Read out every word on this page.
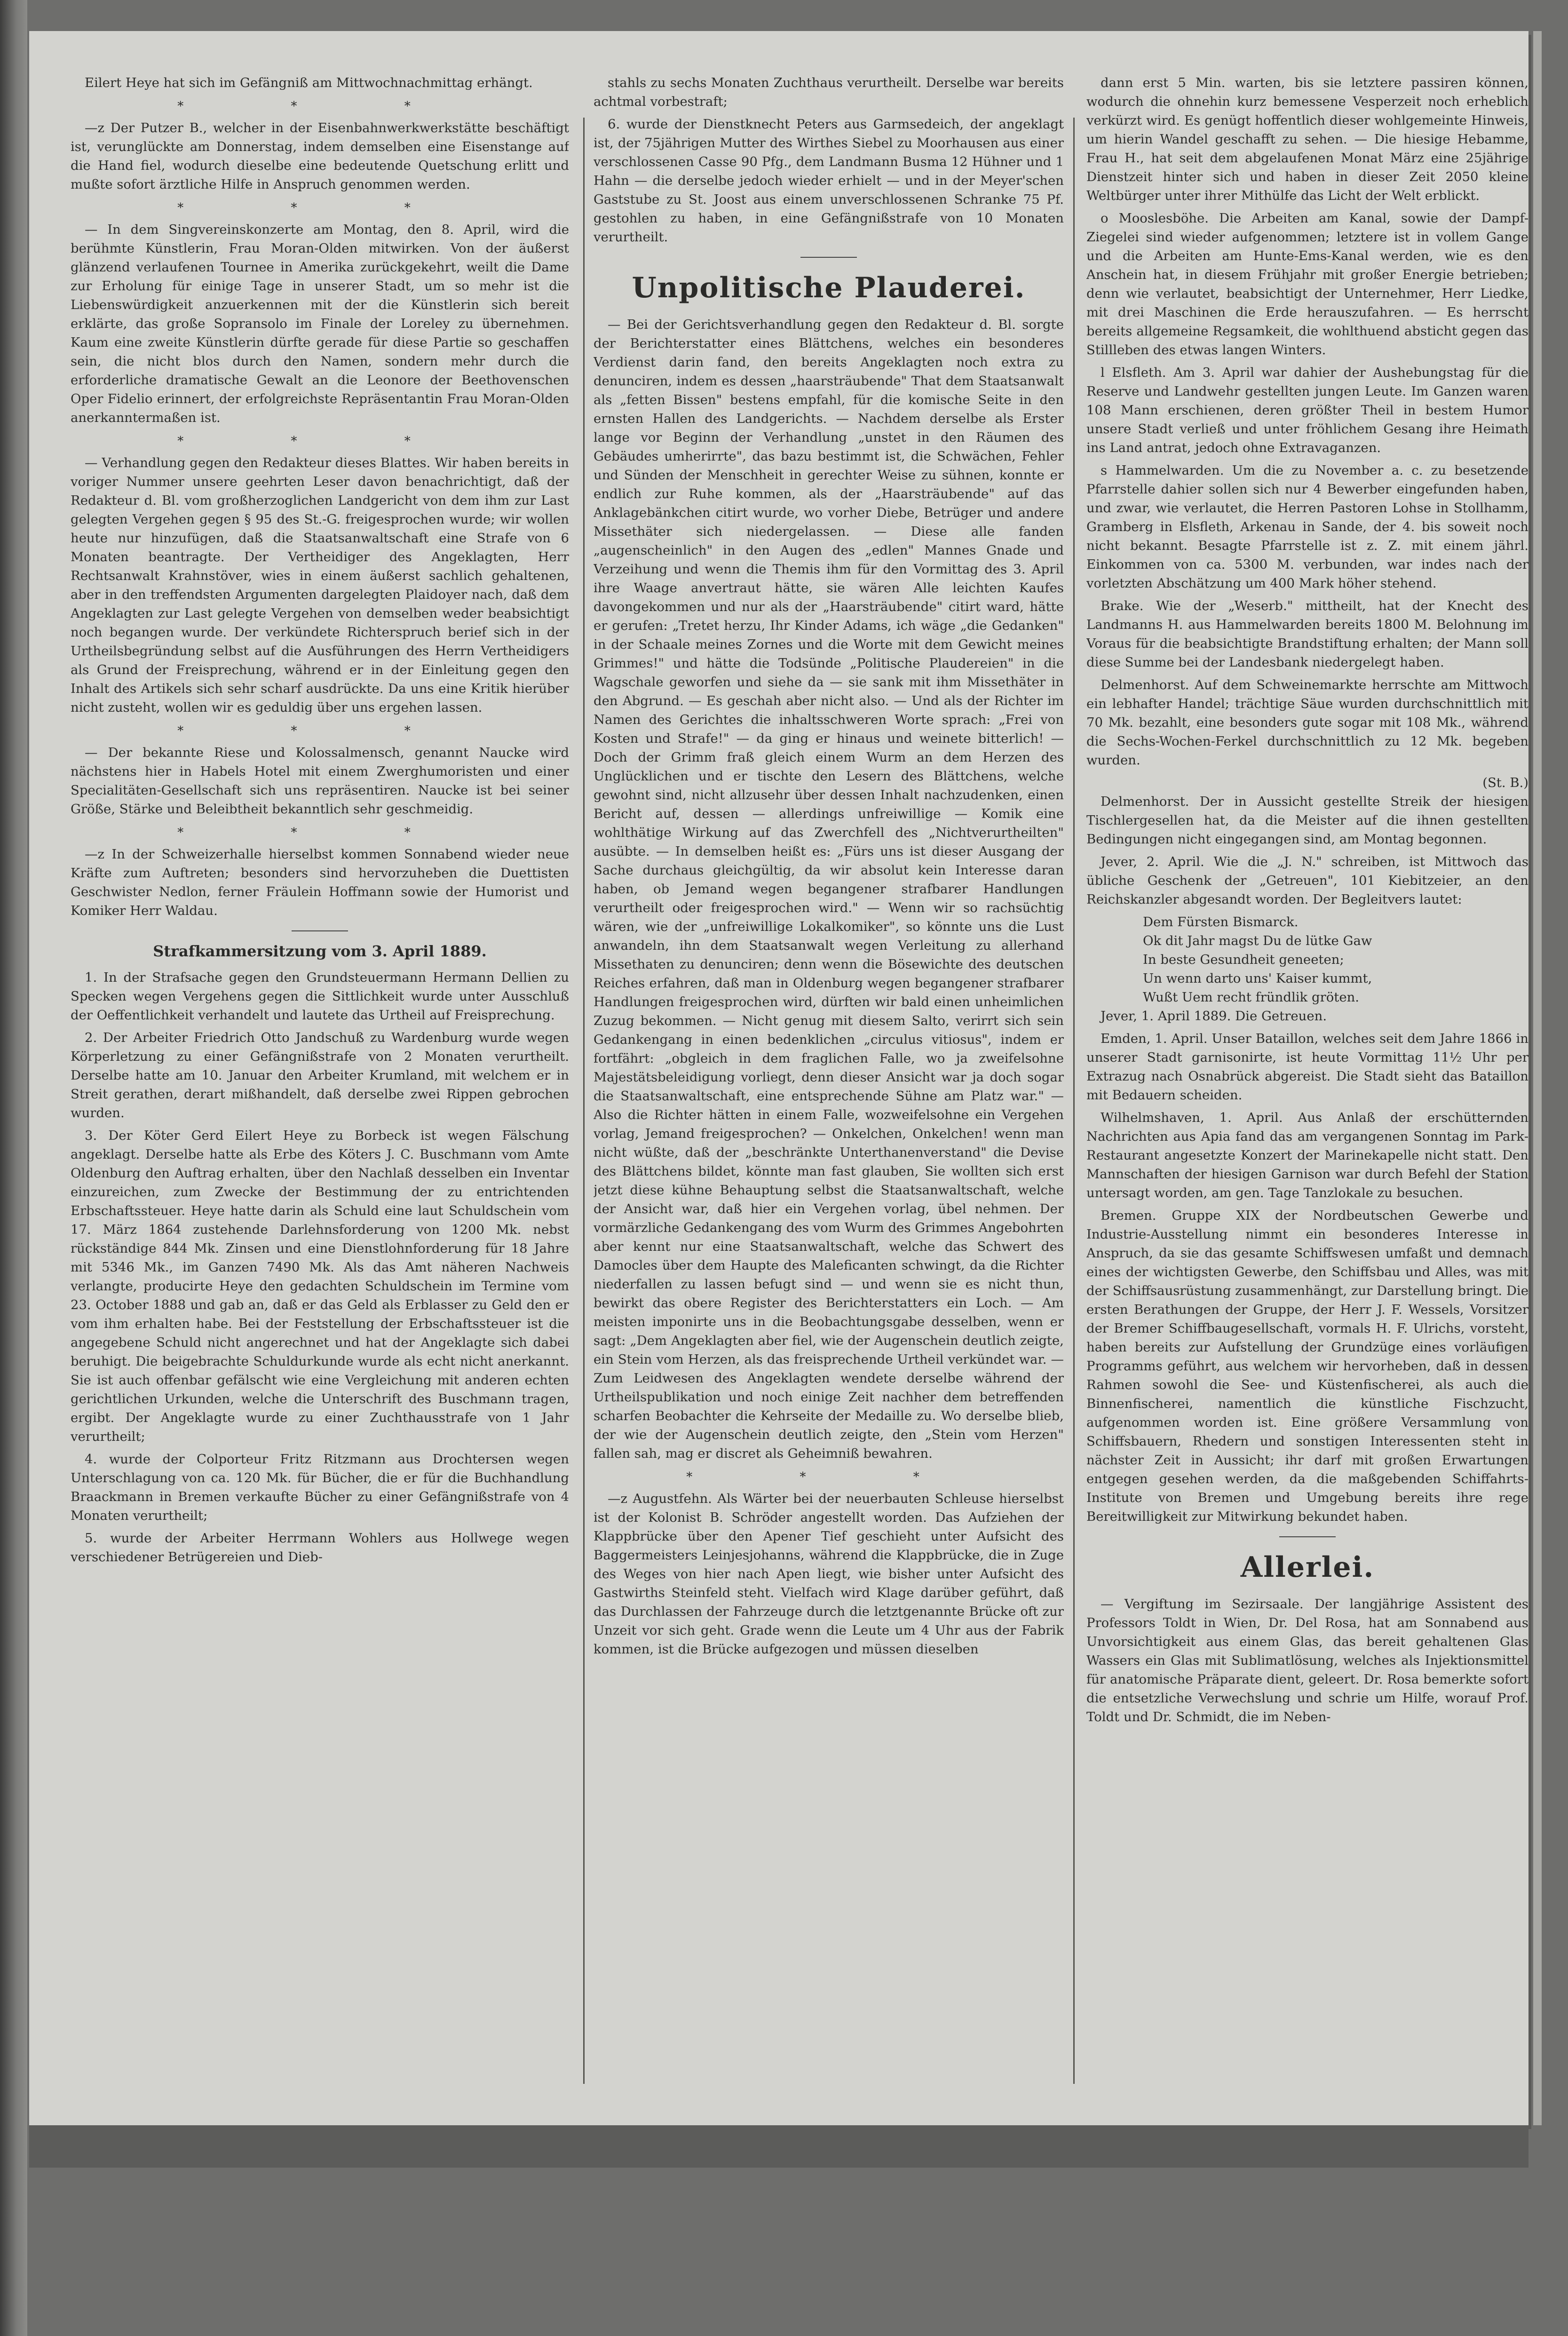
Eilert Heye hat sich im Gefängniß am Mittwochnachmittag erhängt.

* * *

—z Der Putzer B., welcher in der Eisenbahnwerkwerkstätte beschäftigt ist, verunglückte am Donnerstag, indem demselben eine Eisenstange auf die Hand fiel, wodurch dieselbe eine bedeutende Quetschung erlitt und mußte sofort ärztliche Hilfe in Anspruch genommen werden.

* * *

— In dem Singvereinskonzerte am Montag, den 8. April, wird die berühmte Künstlerin, Frau Moran-Olden mitwirken. Von der äußerst glänzend verlaufenen Tournee in Amerika zurückgekehrt, weilt die Dame zur Erholung für einige Tage in unserer Stadt, um so mehr ist die Liebenswürdigkeit anzuerkennen mit der die Künstlerin sich bereit erklärte, das große Sopransolo im Finale der Loreley zu übernehmen. Kaum eine zweite Künstlerin dürfte gerade für diese Partie so geschaffen sein, die nicht blos durch den Namen, sondern mehr durch die erforderliche dramatische Gewalt an die Leonore der Beethovenschen Oper Fidelio erinnert, der erfolgreichste Repräsentantin Frau Moran-Olden anerkanntermaßen ist.

* * *

— Verhandlung gegen den Redakteur dieses Blattes. Wir haben bereits in voriger Nummer unsere geehrten Leser davon benachrichtigt, daß der Redakteur d. Bl. vom großherzoglichen Landgericht von dem ihm zur Last gelegten Vergehen gegen § 95 des St.-G. freigesprochen wurde; wir wollen heute nur hinzufügen, daß die Staatsanwaltschaft eine Strafe von 6 Monaten beantragte. Der Vertheidiger des Angeklagten, Herr Rechtsanwalt Krahnstöver, wies in einem äußerst sachlich gehaltenen, aber in den treffendsten Argumenten dargelegten Plaidoyer nach, daß dem Angeklagten zur Last gelegte Vergehen von demselben weder beabsichtigt noch begangen wurde. Der verkündete Richterspruch berief sich in der Urtheilsbegründung selbst auf die Ausführungen des Herrn Vertheidigers als Grund der Freisprechung, während er in der Einleitung gegen den Inhalt des Artikels sich sehr scharf ausdrückte. Da uns eine Kritik hierüber nicht zusteht, wollen wir es geduldig über uns ergehen lassen.

* * *

— Der bekannte Riese und Kolossalmensch, genannt Naucke wird nächstens hier in Habels Hotel mit einem Zwerghumoristen und einer Specialitäten-Gesellschaft sich uns repräsentiren. Naucke ist bei seiner Größe, Stärke und Beleibtheit bekanntlich sehr geschmeidig.

* * *

—z In der Schweizerhalle hierselbst kommen Sonnabend wieder neue Kräfte zum Auftreten; besonders sind hervorzuheben die Duettisten Geschwister Nedlon, ferner Fräulein Hoffmann sowie der Humorist und Komiker Herr Waldau.

Strafkammersitzung vom 3. April 1889.

1. In der Strafsache gegen den Grundsteuermann Hermann Dellien zu Specken wegen Vergehens gegen die Sittlichkeit wurde unter Ausschluß der Oeffentlichkeit verhandelt und lautete das Urtheil auf Freisprechung.

2. Der Arbeiter Friedrich Otto Jandschuß zu Wardenburg wurde wegen Körperletzung zu einer Gefängnißstrafe von 2 Monaten verurtheilt. Derselbe hatte am 10. Januar den Arbeiter Krumland, mit welchem er in Streit gerathen, derart mißhandelt, daß derselbe zwei Rippen gebrochen wurden.

3. Der Köter Gerd Eilert Heye zu Borbeck ist wegen Fälschung angeklagt. Derselbe hatte als Erbe des Köters J. C. Buschmann vom Amte Oldenburg den Auftrag erhalten, über den Nachlaß desselben ein Inventar einzureichen, zum Zwecke der Bestimmung der zu entrichtenden Erbschaftssteuer. Heye hatte darin als Schuld eine laut Schuldschein vom 17. März 1864 zustehende Darlehnsforderung von 1200 Mk. nebst rückständige 844 Mk. Zinsen und eine Dienstlohnforderung für 18 Jahre mit 5346 Mk., im Ganzen 7490 Mk. Als das Amt näheren Nachweis verlangte, producirte Heye den gedachten Schuldschein im Termine vom 23. October 1888 und gab an, daß er das Geld als Erblasser zu Geld den er vom ihm erhalten habe. Bei der Feststellung der Erbschaftssteuer ist die angegebene Schuld nicht angerechnet und hat der Angeklagte sich dabei beruhigt. Die beigebrachte Schuldurkunde wurde als echt nicht anerkannt. Sie ist auch offenbar gefälscht wie eine Vergleichung mit anderen echten gerichtlichen Urkunden, welche die Unterschrift des Buschmann tragen, ergibt. Der Angeklagte wurde zu einer Zuchthausstrafe von 1 Jahr verurtheilt;

4. wurde der Colporteur Fritz Ritzmann aus Drochtersen wegen Unterschlagung von ca. 120 Mk. für Bücher, die er für die Buchhandlung Braackmann in Bremen verkaufte Bücher zu einer Gefängnißstrafe von 4 Monaten verurtheilt;

5. wurde der Arbeiter Herrmann Wohlers aus Hollwege wegen verschiedener Betrügereien und Dieb-

stahls zu sechs Monaten Zuchthaus verurtheilt. Derselbe war bereits achtmal vorbestraft;

6. wurde der Dienstknecht Peters aus Garmsedeich, der angeklagt ist, der 75jährigen Mutter des Wirthes Siebel zu Moorhausen aus einer verschlossenen Casse 90 Pfg., dem Landmann Busma 12 Hühner und 1 Hahn — die derselbe jedoch wieder erhielt — und in der Meyer'schen Gaststube zu St. Joost aus einem unverschlossenen Schranke 75 Pf. gestohlen zu haben, in eine Gefängnißstrafe von 10 Monaten verurtheilt.

Unpolitische Plauderei.

— Bei der Gerichtsverhandlung gegen den Redakteur d. Bl. sorgte der Berichterstatter eines Blättchens, welches ein besonderes Verdienst darin fand, den bereits Angeklagten noch extra zu denunciren, indem es dessen „haarsträubende" That dem Staatsanwalt als „fetten Bissen" bestens empfahl, für die komische Seite in den ernsten Hallen des Landgerichts. — Nachdem derselbe als Erster lange vor Beginn der Verhandlung „unstet in den Räumen des Gebäudes umherirrte", das bazu bestimmt ist, die Schwächen, Fehler und Sünden der Menschheit in gerechter Weise zu sühnen, konnte er endlich zur Ruhe kommen, als der „Haarsträubende" auf das Anklagebänkchen citirt wurde, wo vorher Diebe, Betrüger und andere Missethäter sich niedergelassen. — Diese alle fanden „augenscheinlich" in den Augen des „edlen" Mannes Gnade und Verzeihung und wenn die Themis ihm für den Vormittag des 3. April ihre Waage anvertraut hätte, sie wären Alle leichten Kaufes davongekommen und nur als der „Haarsträubende" citirt ward, hätte er gerufen: „Tretet herzu, Ihr Kinder Adams, ich wäge „die Gedanken" in der Schaale meines Zornes und die Worte mit dem Gewicht meines Grimmes!" und hätte die Todsünde „Politische Plaudereien" in die Wagschale geworfen und siehe da — sie sank mit ihm Missethäter in den Abgrund. — Es geschah aber nicht also. — Und als der Richter im Namen des Gerichtes die inhaltsschweren Worte sprach: „Frei von Kosten und Strafe!" — da ging er hinaus und weinete bitterlich! — Doch der Grimm fraß gleich einem Wurm an dem Herzen des Unglücklichen und er tischte den Lesern des Blättchens, welche gewohnt sind, nicht allzusehr über dessen Inhalt nachzudenken, einen Bericht auf, dessen — allerdings unfreiwillige — Komik eine wohlthätige Wirkung auf das Zwerchfell des „Nichtverurtheilten" ausübte. — In demselben heißt es: „Fürs uns ist dieser Ausgang der Sache durchaus gleichgültig, da wir absolut kein Interesse daran haben, ob Jemand wegen begangener strafbarer Handlungen verurtheilt oder freigesprochen wird." — Wenn wir so rachsüchtig wären, wie der „unfreiwillige Lokalkomiker", so könnte uns die Lust anwandeln, ihn dem Staatsanwalt wegen Verleitung zu allerhand Missethaten zu denunciren; denn wenn die Bösewichte des deutschen Reiches erfahren, daß man in Oldenburg wegen begangener strafbarer Handlungen freigesprochen wird, dürften wir bald einen unheimlichen Zuzug bekommen. — Nicht genug mit diesem Salto, verirrt sich sein Gedankengang in einen bedenklichen „circulus vitiosus", indem er fortfährt: „obgleich in dem fraglichen Falle, wo ja zweifelsohne Majestätsbeleidigung vorliegt, denn dieser Ansicht war ja doch sogar die Staatsanwaltschaft, eine entsprechende Sühne am Platz war." — Also die Richter hätten in einem Falle, wozweifelsohne ein Vergehen vorlag, Jemand freigesprochen? — Onkelchen, Onkelchen! wenn man nicht wüßte, daß der „beschränkte Unterthanenverstand" die Devise des Blättchens bildet, könnte man fast glauben, Sie wollten sich erst jetzt diese kühne Behauptung selbst die Staatsanwaltschaft, welche der Ansicht war, daß hier ein Vergehen vorlag, übel nehmen. Der vormärzliche Gedankengang des vom Wurm des Grimmes Angebohrten aber kennt nur eine Staatsanwaltschaft, welche das Schwert des Damocles über dem Haupte des Maleficanten schwingt, da die Richter niederfallen zu lassen befugt sind — und wenn sie es nicht thun, bewirkt das obere Register des Berichterstatters ein Loch. — Am meisten imponirte uns in die Beobachtungsgabe desselben, wenn er sagt: „Dem Angeklagten aber fiel, wie der Augenschein deutlich zeigte, ein Stein vom Herzen, als das freisprechende Urtheil verkündet war. — Zum Leidwesen des Angeklagten wendete derselbe während der Urtheilspublikation und noch einige Zeit nachher dem betreffenden scharfen Beobachter die Kehrseite der Medaille zu. Wo derselbe blieb, der wie der Augenschein deutlich zeigte, den „Stein vom Herzen" fallen sah, mag er discret als Geheimniß bewahren.

* * *

—z Augustfehn. Als Wärter bei der neuerbauten Schleuse hierselbst ist der Kolonist B. Schröder angestellt worden. Das Aufziehen der Klappbrücke über den Apener Tief geschieht unter Aufsicht des Baggermeisters Leinjesjohanns, während die Klappbrücke, die in Zuge des Weges von hier nach Apen liegt, wie bisher unter Aufsicht des Gastwirths Steinfeld steht. Vielfach wird Klage darüber geführt, daß das Durchlassen der Fahrzeuge durch die letztgenannte Brücke oft zur Unzeit vor sich geht. Grade wenn die Leute um 4 Uhr aus der Fabrik kommen, ist die Brücke aufgezogen und müssen dieselben

dann erst 5 Min. warten, bis sie letztere passiren können, wodurch die ohnehin kurz bemessene Vesperzeit noch erheblich verkürzt wird. Es genügt hoffentlich dieser wohlgemeinte Hinweis, um hierin Wandel geschafft zu sehen. — Die hiesige Hebamme, Frau H., hat seit dem abgelaufenen Monat März eine 25jährige Dienstzeit hinter sich und haben in dieser Zeit 2050 kleine Weltbürger unter ihrer Mithülfe das Licht der Welt erblickt.

o Mooslesböhe. Die Arbeiten am Kanal, sowie der Dampf-Ziegelei sind wieder aufgenommen; letztere ist in vollem Gange und die Arbeiten am Hunte-Ems-Kanal werden, wie es den Anschein hat, in diesem Frühjahr mit großer Energie betrieben; denn wie verlautet, beabsichtigt der Unternehmer, Herr Liedke, mit drei Maschinen die Erde herauszufahren. — Es herrscht bereits allgemeine Regsamkeit, die wohlthuend absticht gegen das Stillleben des etwas langen Winters.

l Elsfleth. Am 3. April war dahier der Aushebungstag für die Reserve und Landwehr gestellten jungen Leute. Im Ganzen waren 108 Mann erschienen, deren größter Theil in bestem Humor unsere Stadt verließ und unter fröhlichem Gesang ihre Heimath ins Land antrat, jedoch ohne Extravaganzen.

s Hammelwarden. Um die zu November a. c. zu besetzende Pfarrstelle dahier sollen sich nur 4 Bewerber eingefunden haben, und zwar, wie verlautet, die Herren Pastoren Lohse in Stollhamm, Gramberg in Elsfleth, Arkenau in Sande, der 4. bis soweit noch nicht bekannt. Besagte Pfarrstelle ist z. Z. mit einem jährl. Einkommen von ca. 5300 M. verbunden, war indes nach der vorletzten Abschätzung um 400 Mark höher stehend.

Brake. Wie der „Weserb." mittheilt, hat der Knecht des Landmanns H. aus Hammelwarden bereits 1800 M. Belohnung im Voraus für die beabsichtigte Brandstiftung erhalten; der Mann soll diese Summe bei der Landesbank niedergelegt haben.

Delmenhorst. Auf dem Schweinemarkte herrschte am Mittwoch ein lebhafter Handel; trächtige Säue wurden durchschnittlich mit 70 Mk. bezahlt, eine besonders gute sogar mit 108 Mk., während die Sechs-Wochen-Ferkel durchschnittlich zu 12 Mk. begeben wurden.

(St. B.)

Delmenhorst. Der in Aussicht gestellte Streik der hiesigen Tischlergesellen hat, da die Meister auf die ihnen gestellten Bedingungen nicht eingegangen sind, am Montag begonnen.

Jever, 2. April. Wie die „J. N." schreiben, ist Mittwoch das übliche Geschenk der „Getreuen", 101 Kiebitzeier, an den Reichskanzler abgesandt worden. Der Begleitvers lautet:

Dem Fürsten Bismarck.
Ok dit Jahr magst Du de lütke Gaw
In beste Gesundheit geneeten;
Un wenn darto uns' Kaiser kummt,
Wußt Uem recht fründlik gröten.

Jever, 1. April 1889. Die Getreuen.

Emden, 1. April. Unser Bataillon, welches seit dem Jahre 1866 in unserer Stadt garnisonirte, ist heute Vormittag 11½ Uhr per Extrazug nach Osnabrück abgereist. Die Stadt sieht das Bataillon mit Bedauern scheiden.

Wilhelmshaven, 1. April. Aus Anlaß der erschütternden Nachrichten aus Apia fand das am vergangenen Sonntag im Park-Restaurant angesetzte Konzert der Marinekapelle nicht statt. Den Mannschaften der hiesigen Garnison war durch Befehl der Station untersagt worden, am gen. Tage Tanzlokale zu besuchen.

Bremen. Gruppe XIX der Nordbeutschen Gewerbe und Industrie-Ausstellung nimmt ein besonderes Interesse in Anspruch, da sie das gesamte Schiffswesen umfaßt und demnach eines der wichtigsten Gewerbe, den Schiffsbau und Alles, was mit der Schiffsausrüstung zusammenhängt, zur Darstellung bringt. Die ersten Berathungen der Gruppe, der Herr J. F. Wessels, Vorsitzer der Bremer Schiffbaugesellschaft, vormals H. F. Ulrichs, vorsteht, haben bereits zur Aufstellung der Grundzüge eines vorläufigen Programms geführt, aus welchem wir hervorheben, daß in dessen Rahmen sowohl die See- und Küstenfischerei, als auch die Binnenfischerei, namentlich die künstliche Fischzucht, aufgenommen worden ist. Eine größere Versammlung von Schiffsbauern, Rhedern und sonstigen Interessenten steht in nächster Zeit in Aussicht; ihr darf mit großen Erwartungen entgegen gesehen werden, da die maßgebenden Schiffahrts-Institute von Bremen und Umgebung bereits ihre rege Bereitwilligkeit zur Mitwirkung bekundet haben.

Allerlei.

— Vergiftung im Sezirsaale. Der langjährige Assistent des Professors Toldt in Wien, Dr. Del Rosa, hat am Sonnabend aus Unvorsichtigkeit aus einem Glas, das bereit gehaltenen Glas Wassers ein Glas mit Sublimatlösung, welches als Injektionsmittel für anatomische Präparate dient, geleert. Dr. Rosa bemerkte sofort die entsetzliche Verwechslung und schrie um Hilfe, worauf Prof. Toldt und Dr. Schmidt, die im Neben-
